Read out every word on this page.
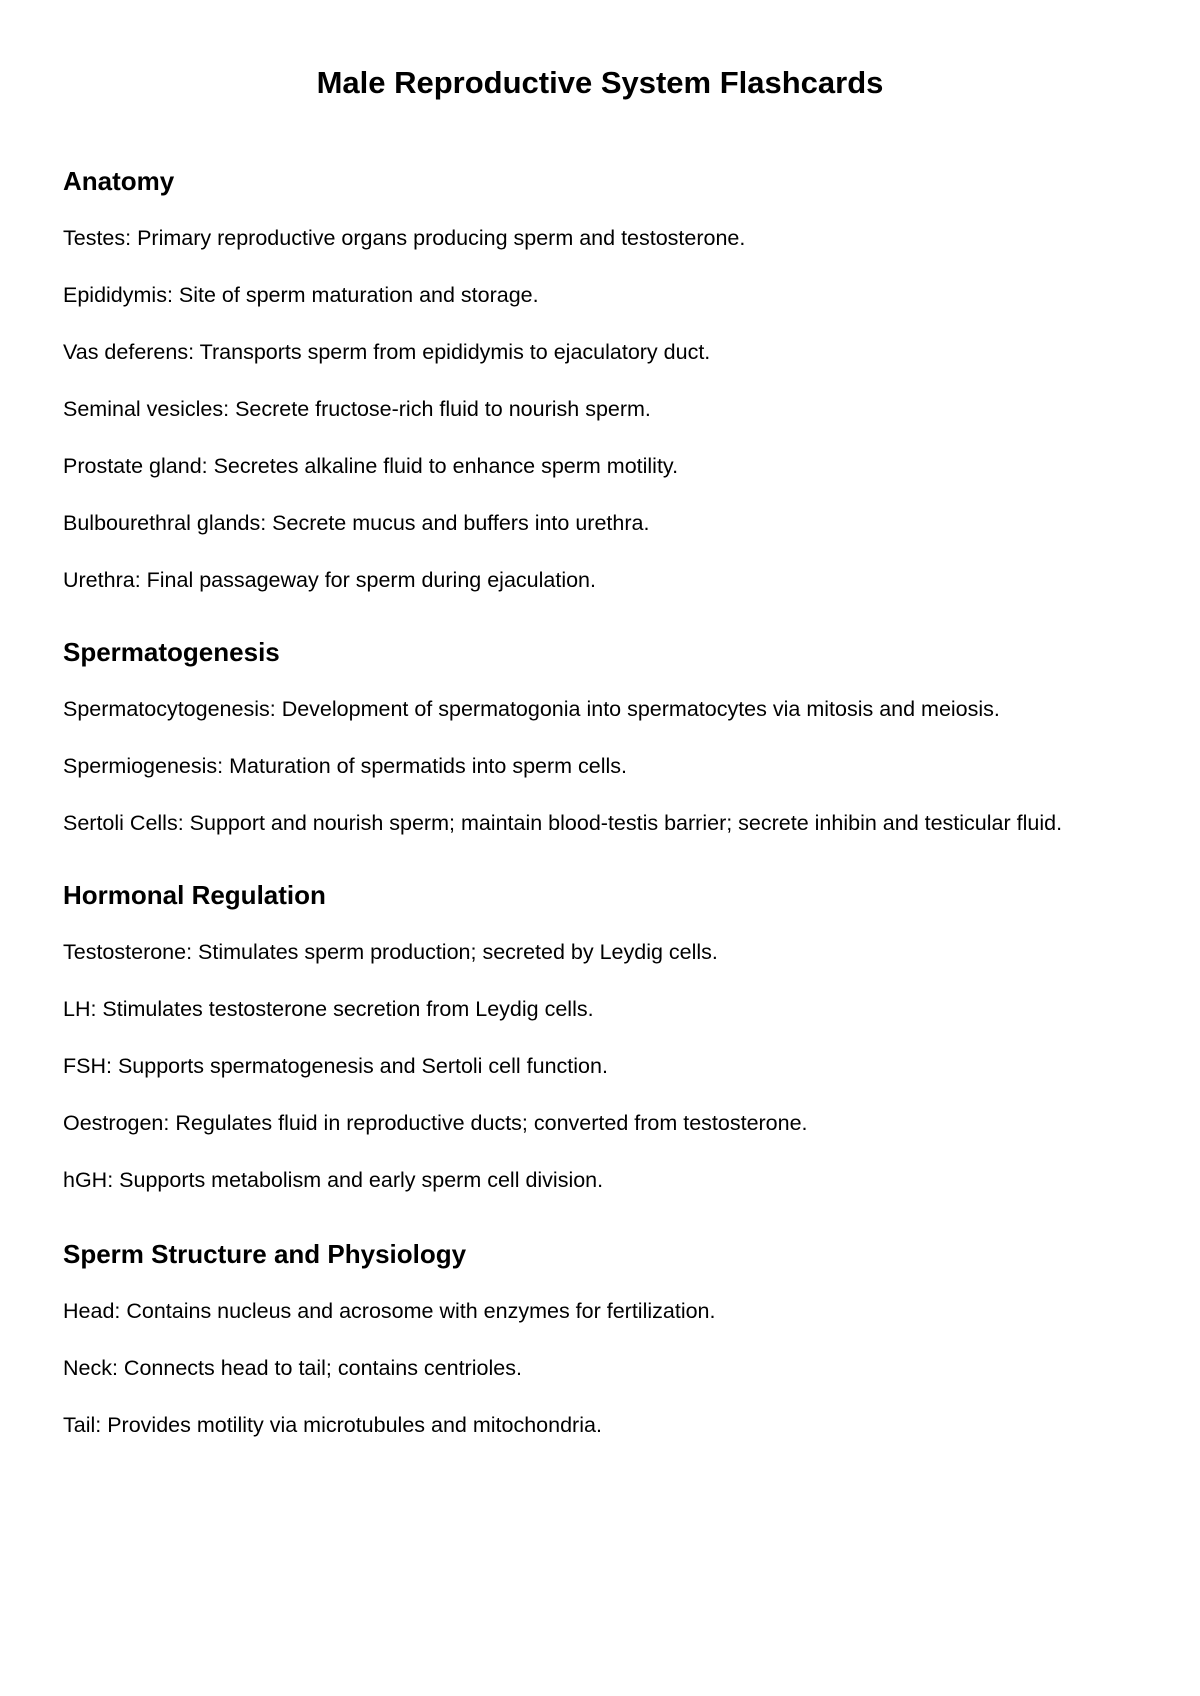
Male Reproductive System Flashcards
Anatomy
Testes: Primary reproductive organs producing sperm and testosterone.
Epididymis: Site of sperm maturation and storage.
Vas deferens: Transports sperm from epididymis to ejaculatory duct.
Seminal vesicles: Secrete fructose-rich fluid to nourish sperm.
Prostate gland: Secretes alkaline fluid to enhance sperm motility.
Bulbourethral glands: Secrete mucus and buffers into urethra.
Urethra: Final passageway for sperm during ejaculation.
Spermatogenesis
Spermatocytogenesis: Development of spermatogonia into spermatocytes via mitosis and meiosis.
Spermiogenesis: Maturation of spermatids into sperm cells.
Sertoli Cells: Support and nourish sperm; maintain blood-testis barrier; secrete inhibin and testicular fluid.
Hormonal Regulation
Testosterone: Stimulates sperm production; secreted by Leydig cells.
LH: Stimulates testosterone secretion from Leydig cells.
FSH: Supports spermatogenesis and Sertoli cell function.
Oestrogen: Regulates fluid in reproductive ducts; converted from testosterone.
hGH: Supports metabolism and early sperm cell division.
Sperm Structure and Physiology
Head: Contains nucleus and acrosome with enzymes for fertilization.
Neck: Connects head to tail; contains centrioles.
Tail: Provides motility via microtubules and mitochondria.
